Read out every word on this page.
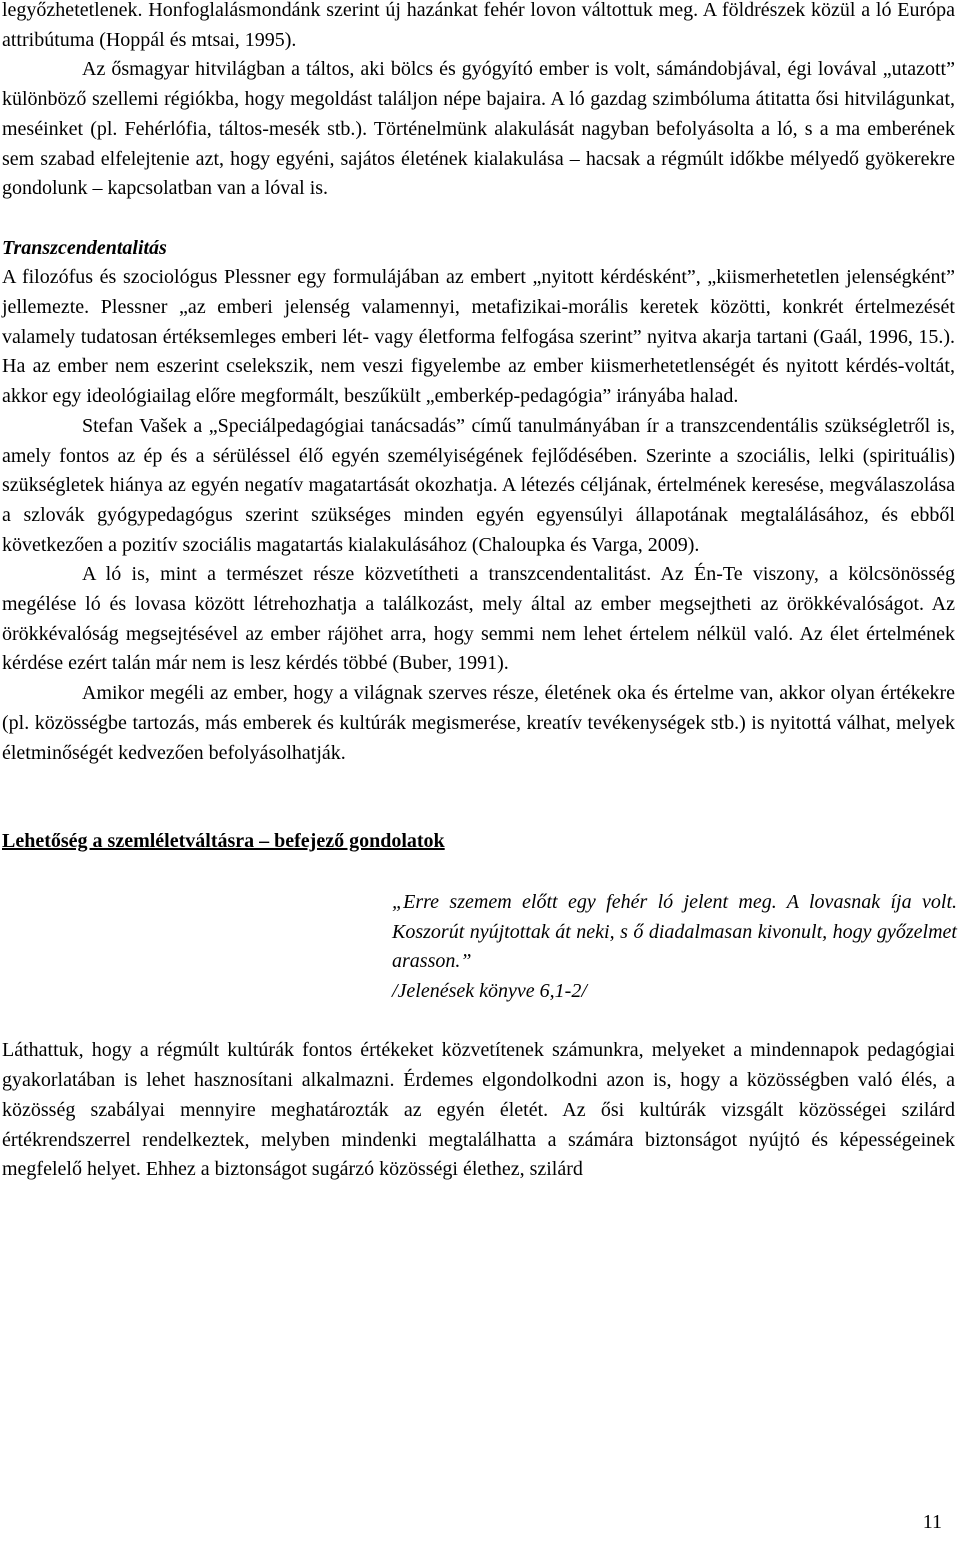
legyőzhetetlenek. Honfoglalásmondánk szerint új hazánkat fehér lovon váltottuk meg. A földrészek közül a ló Európa attribútuma (Hoppál és mtsai, 1995).

Az ősmagyar hitvilágban a táltos, aki bölcs és gyógyító ember is volt, sámándobjával, égi lovával „utazott” különböző szellemi régiókba, hogy megoldást találjon népe bajaira. A ló gazdag szimbóluma átitatta ősi hitvilágunkat, meséinket (pl. Fehérlófia, táltos-mesék stb.). Történelmünk alakulását nagyban befolyásolta a ló, s a ma emberének sem szabad elfelejtenie azt, hogy egyéni, sajátos életének kialakulása – hacsak a régmúlt időkbe mélyedő gyökerekre gondolunk – kapcsolatban van a lóval is.

Transzcendentalitás

A filozófus és szociológus Plessner egy formulájában az embert „nyitott kérdésként”, „kiismerhetetlen jelenségként” jellemezte. Plessner „az emberi jelenség valamennyi, metafizikai-morális keretek közötti, konkrét értelmezését valamely tudatosan értéksemleges emberi lét- vagy életforma felfogása szerint” nyitva akarja tartani (Gaál, 1996, 15.). Ha az ember nem eszerint cselekszik, nem veszi figyelembe az ember kiismerhetetlenségét és nyitott kérdés-voltát, akkor egy ideológiailag előre megformált, beszűkült „emberkép-pedagógia” irányába halad.

Stefan Vašek a „Speciálpedagógiai tanácsadás” című tanulmányában ír a transzcendentális szükségletről is, amely fontos az ép és a sérüléssel élő egyén személyiségének fejlődésében. Szerinte a szociális, lelki (spirituális) szükségletek hiánya az egyén negatív magatartását okozhatja. A létezés céljának, értelmének keresése, megválaszolása a szlovák gyógypedagógus szerint szükséges minden egyén egyensúlyi állapotának megtalálásához, és ebből következően a pozitív szociális magatartás kialakulásához (Chaloupka és Varga, 2009).

A ló is, mint a természet része közvetítheti a transzcendentalitást. Az Én-Te viszony, a kölcsönösség megélése ló és lovasa között létrehozhatja a találkozást, mely által az ember megsejtheti az örökkévalóságot. Az örökkévalóság megsejtésével az ember rájöhet arra, hogy semmi nem lehet értelem nélkül való. Az élet értelmének kérdése ezért talán már nem is lesz kérdés többé (Buber, 1991).

Amikor megéli az ember, hogy a világnak szerves része, életének oka és értelme van, akkor olyan értékekre (pl. közösségbe tartozás, más emberek és kultúrák megismerése, kreatív tevékenységek stb.) is nyitottá válhat, melyek életminőségét kedvezően befolyásolhatják.

Lehetőség a szemléletváltásra – befejező gondolatok

„Erre szemem előtt egy fehér ló jelent meg. A lovasnak íja volt. Koszorút nyújtottak át neki, s ő diadalmasan kivonult, hogy győzelmet arasson.”

/Jelenések könyve 6,1-2/

Láthattuk, hogy a régmúlt kultúrák fontos értékeket közvetítenek számunkra, melyeket a mindennapok pedagógiai gyakorlatában is lehet hasznosítani alkalmazni. Érdemes elgondolkodni azon is, hogy a közösségben való élés, a közösség szabályai mennyire meghatározták az egyén életét. Az ősi kultúrák vizsgált közösségei szilárd értékrendszerrel rendelkeztek, melyben mindenki megtalálhatta a számára biztonságot nyújtó és képességeinek megfelelő helyet. Ehhez a biztonságot sugárzó közösségi élethez, szilárd

11
